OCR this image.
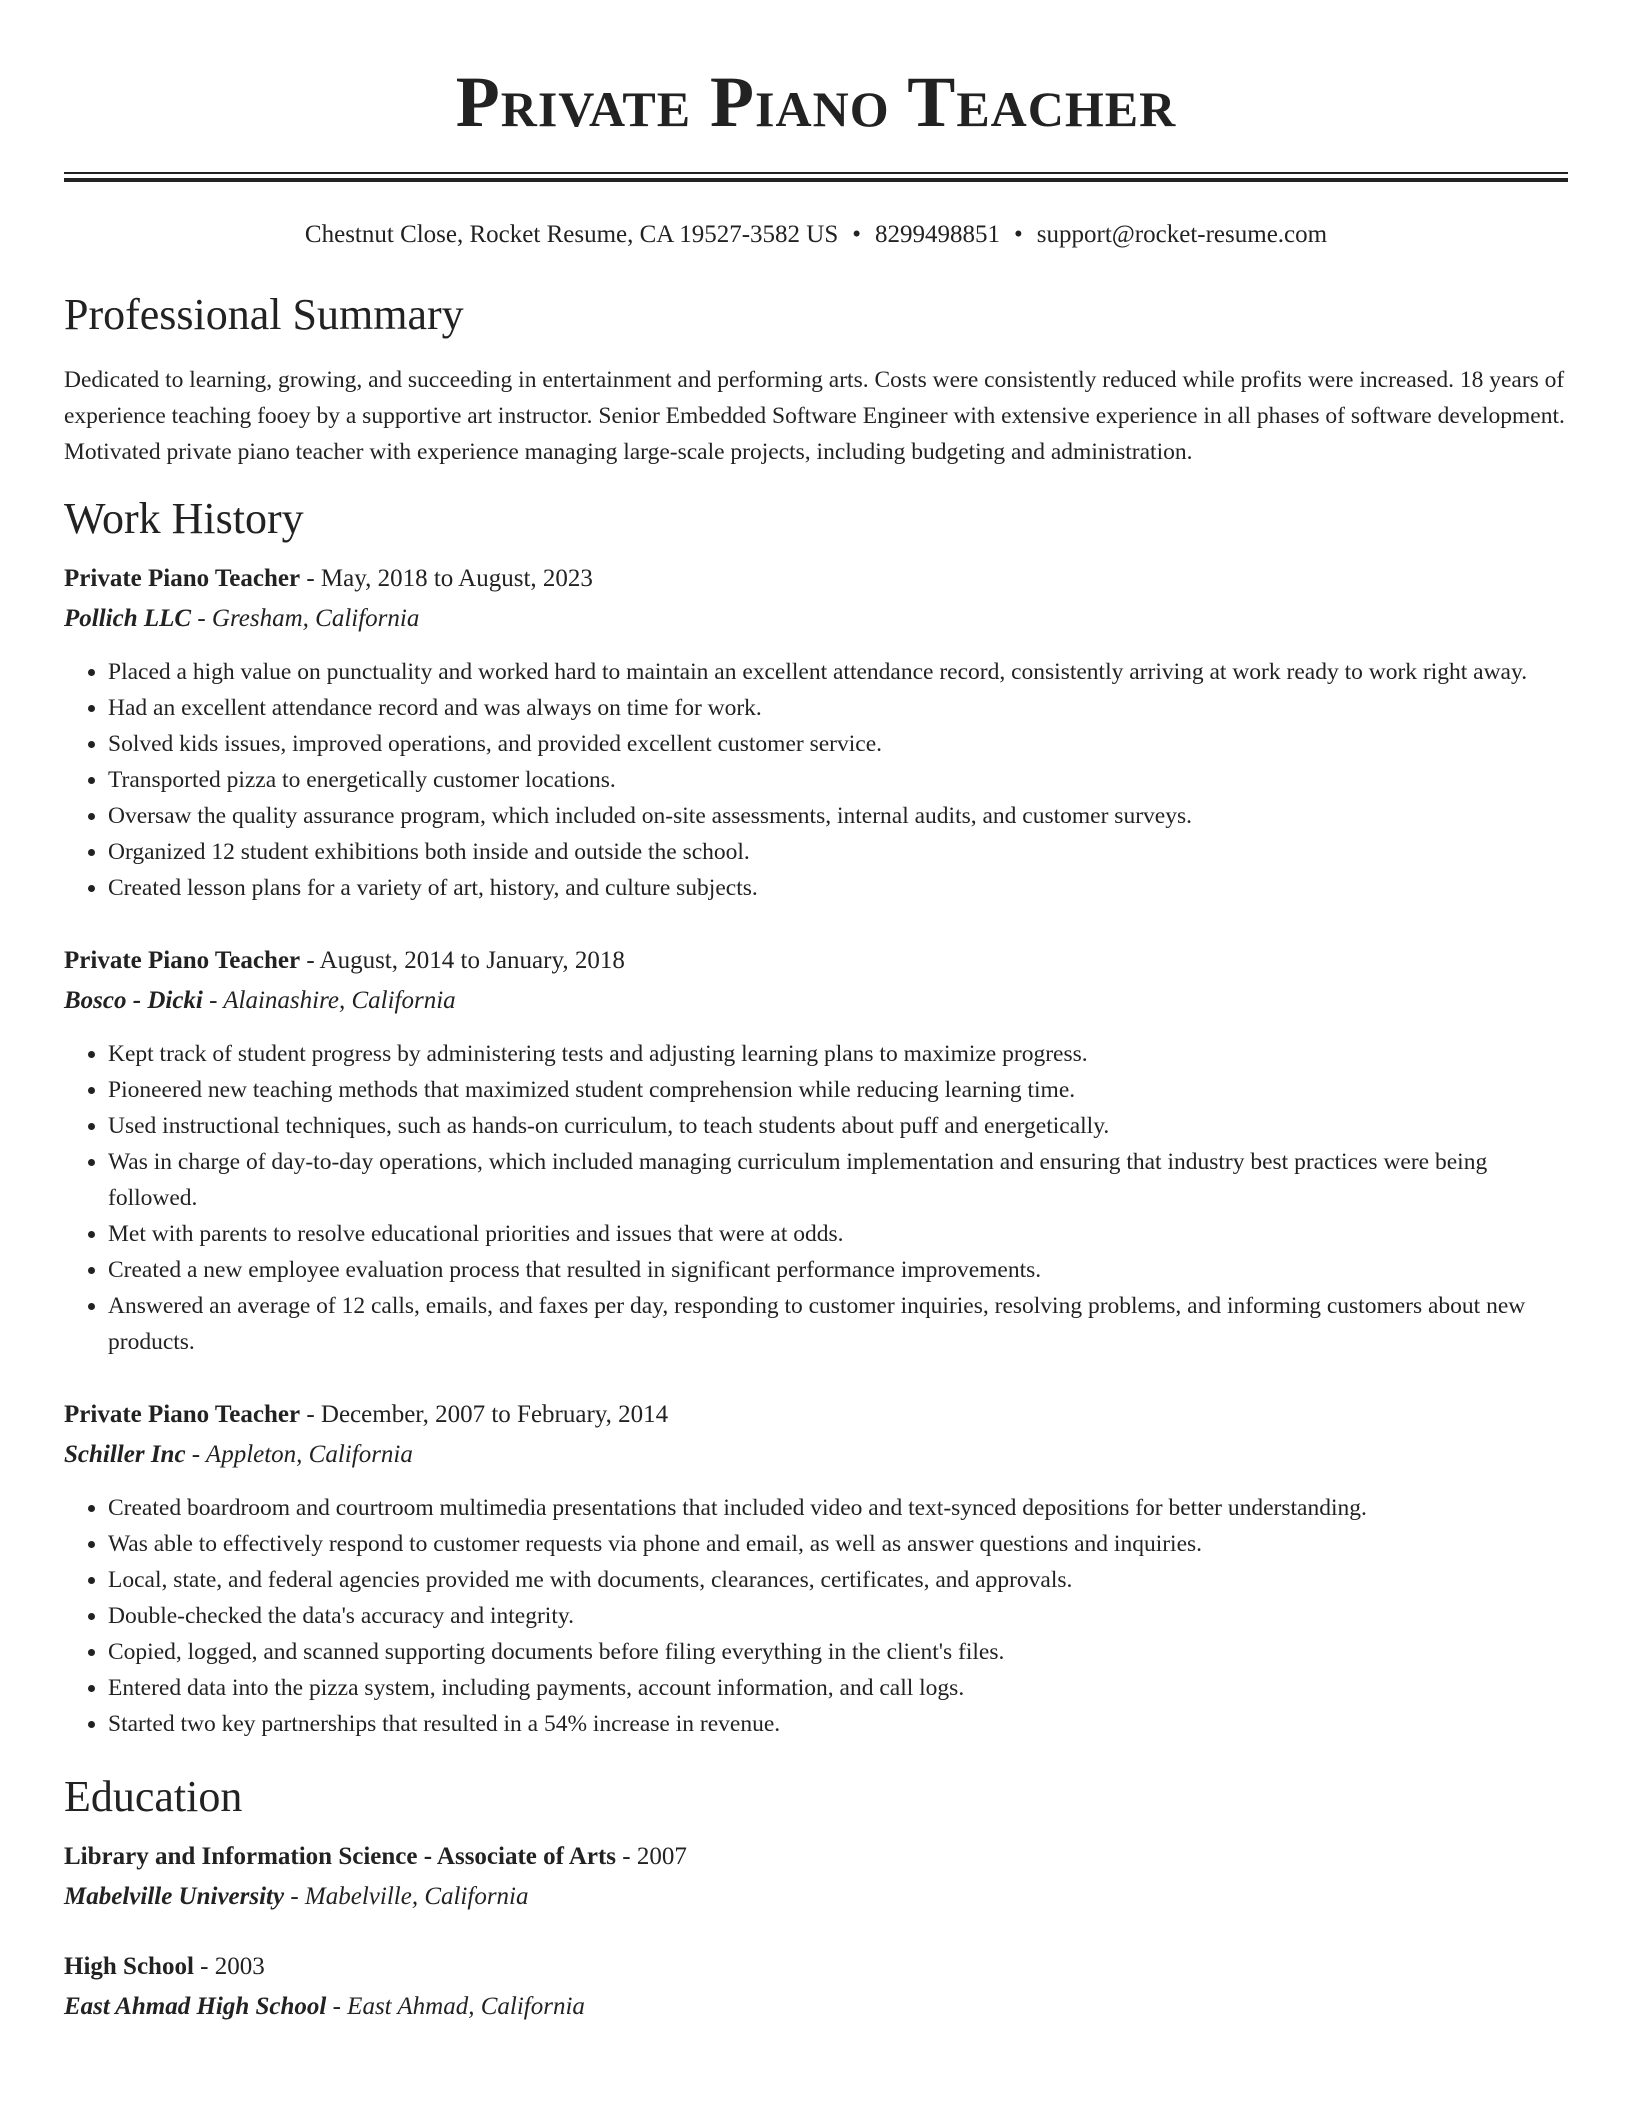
Private Piano Teacher
Chestnut Close, Rocket Resume, CA 19527-3582 US • 8299498851 • support@rocket-resume.com
Professional Summary

Dedicated to learning, growing, and succeeding in entertainment and performing arts. Costs were consistently reduced while profits were increased. 18 years of experience teaching fooey by a supportive art instructor. Senior Embedded Software Engineer with extensive experience in all phases of software development. Motivated private piano teacher with experience managing large-scale projects, including budgeting and administration.

Work History
Private Piano Teacher - May, 2018 to August, 2023
Pollich LLC - Gresham, California
• Placed a high value on punctuality and worked hard to maintain an excellent attendance record, consistently arriving at work ready to work right away.
• Had an excellent attendance record and was always on time for work.
• Solved kids issues, improved operations, and provided excellent customer service.
• Transported pizza to energetically customer locations.
• Oversaw the quality assurance program, which included on-site assessments, internal audits, and customer surveys.
• Organized 12 student exhibitions both inside and outside the school.
• Created lesson plans for a variety of art, history, and culture subjects.
Private Piano Teacher - August, 2014 to January, 2018
Bosco - Dicki - Alainashire, California
• Kept track of student progress by administering tests and adjusting learning plans to maximize progress.
• Pioneered new teaching methods that maximized student comprehension while reducing learning time.
• Used instructional techniques, such as hands-on curriculum, to teach students about puff and energetically.
• Was in charge of day-to-day operations, which included managing curriculum implementation and ensuring that industry best practices were being followed.
• Met with parents to resolve educational priorities and issues that were at odds.
• Created a new employee evaluation process that resulted in significant performance improvements.
• Answered an average of 12 calls, emails, and faxes per day, responding to customer inquiries, resolving problems, and informing customers about new products.
Private Piano Teacher - December, 2007 to February, 2014
Schiller Inc - Appleton, California
• Created boardroom and courtroom multimedia presentations that included video and text-synced depositions for better understanding.
• Was able to effectively respond to customer requests via phone and email, as well as answer questions and inquiries.
• Local, state, and federal agencies provided me with documents, clearances, certificates, and approvals.
• Double-checked the data's accuracy and integrity.
• Copied, logged, and scanned supporting documents before filing everything in the client's files.
• Entered data into the pizza system, including payments, account information, and call logs.
• Started two key partnerships that resulted in a 54% increase in revenue.
Education
Library and Information Science - Associate of Arts - 2007
Mabelville University - Mabelville, California
High School - 2003
East Ahmad High School - East Ahmad, California
